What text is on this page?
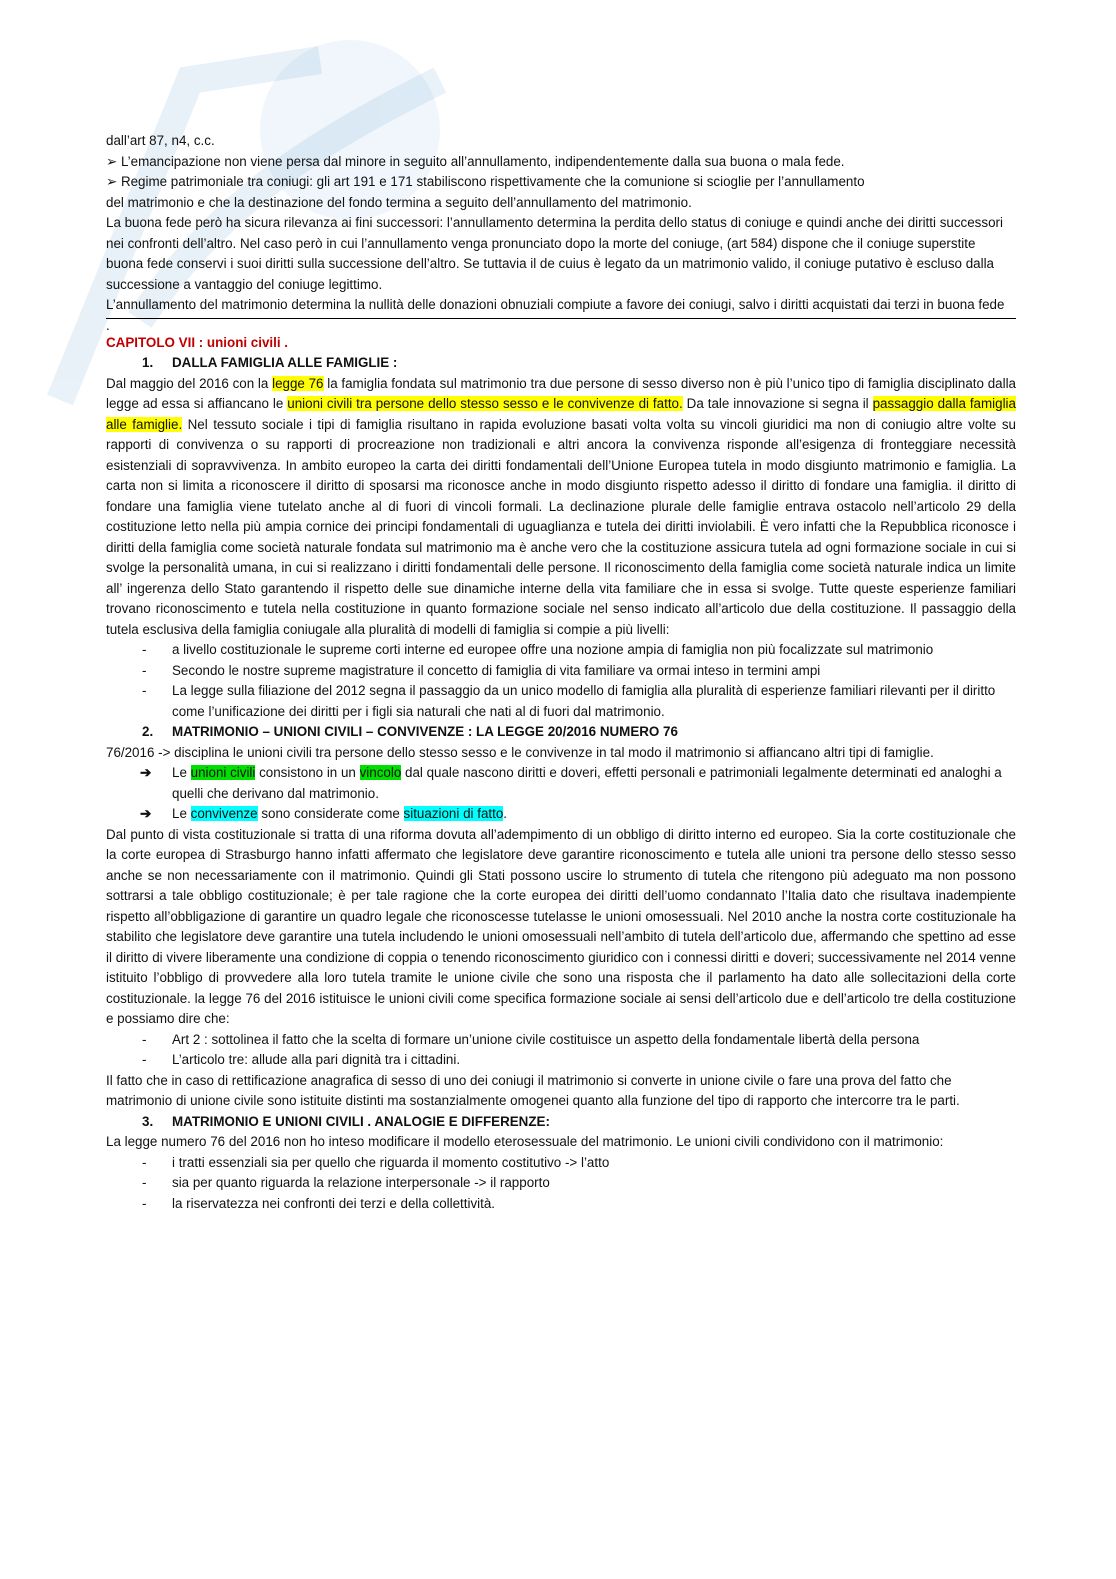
dall’art 87, n4, c.c.

➢ L’emancipazione non viene persa dal minore in seguito all’annullamento, indipendentemente dalla sua buona o mala fede.

➢ Regime patrimoniale tra coniugi: gli art 191 e 171 stabiliscono rispettivamente che la comunione si scioglie per l’annullamento del matrimonio e che la destinazione del fondo termina a seguito dell’annullamento del matrimonio.

La buona fede però ha sicura rilevanza ai fini successori: l’annullamento determina la perdita dello status di coniuge e quindi anche dei diritti successori nei confronti dell’altro. Nel caso però in cui l’annullamento venga pronunciato dopo la morte del coniuge, (art 584) dispone che il coniuge superstite buona fede conservi i suoi diritti sulla successione dell’altro. Se tuttavia il de cuius è legato da un matrimonio valido, il coniuge putativo è escluso dalla successione a vantaggio del coniuge legittimo.

L’annullamento del matrimonio determina la nullità delle donazioni obnuziali compiute a favore dei coniugi, salvo i diritti acquistati dai terzi in buona fede

.

CAPITOLO VII : unioni civili .

1. DALLA FAMIGLIA ALLE FAMIGLIE :

Dal maggio del 2016 con la legge 76 la famiglia fondata sul matrimonio tra due persone di sesso diverso non è più l’unico tipo di famiglia disciplinato dalla legge ad essa si affiancano le unioni civili tra persone dello stesso sesso e le convivenze di fatto. Da tale innovazione si segna il passaggio dalla famiglia alle famiglie. Nel tessuto sociale i tipi di famiglia risultano in rapida evoluzione basati volta volta su vincoli giuridici ma non di coniugio altre volte su rapporti di convivenza o su rapporti di procreazione non tradizionali e altri ancora la convivenza risponde all’esigenza di fronteggiare necessità esistenziali di sopravvivenza. In ambito europeo la carta dei diritti fondamentali dell’Unione Europea tutela in modo disgiunto matrimonio e famiglia. La carta non si limita a riconoscere il diritto di sposarsi ma riconosce anche in modo disgiunto rispetto adesso il diritto di fondare una famiglia. il diritto di fondare una famiglia viene tutelato anche al di fuori di vincoli formali. La declinazione plurale delle famiglie entrava ostacolo nell’articolo 29 della costituzione letto nella più ampia cornice dei principi fondamentali di uguaglianza e tutela dei diritti inviolabili. È vero infatti che la Repubblica riconosce i diritti della famiglia come società naturale fondata sul matrimonio ma è anche vero che la costituzione assicura tutela ad ogni formazione sociale in cui si svolge la personalità umana, in cui si realizzano i diritti fondamentali delle persone. Il riconoscimento della famiglia come società naturale indica un limite all’ ingerenza dello Stato garantendo il rispetto delle sue dinamiche interne della vita familiare che in essa si svolge. Tutte queste esperienze familiari trovano riconoscimento e tutela nella costituzione in quanto formazione sociale nel senso indicato all’articolo due della costituzione. Il passaggio della tutela esclusiva della famiglia coniugale alla pluralità di modelli di famiglia si compie a più livelli:

- a livello costituzionale le supreme corti interne ed europee offre una nozione ampia di famiglia non più focalizzate sul matrimonio

- Secondo le nostre supreme magistrature il concetto di famiglia di vita familiare va ormai inteso in termini ampi

- La legge sulla filiazione del 2012 segna il passaggio da un unico modello di famiglia alla pluralità di esperienze familiari rilevanti per il diritto come l’unificazione dei diritti per i figli sia naturali che nati al di fuori dal matrimonio.

2. MATRIMONIO – UNIONI CIVILI – CONVIVENZE : LA LEGGE 20/2016 NUMERO 76

76/2016 -> disciplina le unioni civili tra persone dello stesso sesso e le convivenze in tal modo il matrimonio si affiancano altri tipi di famiglie.

➔ Le unioni civili consistono in un vincolo dal quale nascono diritti e doveri, effetti personali e patrimoniali legalmente determinati ed analoghi a quelli che derivano dal matrimonio.

➔ Le convivenze sono considerate come situazioni di fatto.

Dal punto di vista costituzionale si tratta di una riforma dovuta all’adempimento di un obbligo di diritto interno ed europeo. Sia la corte costituzionale che la corte europea di Strasburgo hanno infatti affermato che legislatore deve garantire riconoscimento e tutela alle unioni tra persone dello stesso sesso anche se non necessariamente con il matrimonio. Quindi gli Stati possono uscire lo strumento di tutela che ritengono più adeguato ma non possono sottrarsi a tale obbligo costituzionale; è per tale ragione che la corte europea dei diritti dell’uomo condannato l’Italia dato che risultava inadempiente rispetto all’obbligazione di garantire un quadro legale che riconoscesse tutelasse le unioni omosessuali. Nel 2010 anche la nostra corte costituzionale ha stabilito che legislatore deve garantire una tutela includendo le unioni omosessuali nell’ambito di tutela dell’articolo due, affermando che spettino ad esse il diritto di vivere liberamente una condizione di coppia o tenendo riconoscimento giuridico con i connessi diritti e doveri; successivamente nel 2014 venne istituito l’obbligo di provvedere alla loro tutela tramite le unione civile che sono una risposta che il parlamento ha dato alle sollecitazioni della corte costituzionale. la legge 76 del 2016 istituisce le unioni civili come specifica formazione sociale ai sensi dell’articolo due e dell’articolo tre della costituzione e possiamo dire che:

- Art 2 : sottolinea il fatto che la scelta di formare un’unione civile costituisce un aspetto della fondamentale libertà della persona

- L’articolo tre: allude alla pari dignità tra i cittadini.

Il fatto che in caso di rettificazione anagrafica di sesso di uno dei coniugi il matrimonio si converte in unione civile o fare una prova del fatto che matrimonio di unione civile sono istituite distinti ma sostanzialmente omogenei quanto alla funzione del tipo di rapporto che intercorre tra le parti.

3. MATRIMONIO E UNIONI CIVILI . ANALOGIE E DIFFERENZE:

La legge numero 76 del 2016 non ho inteso modificare il modello eterosessuale del matrimonio. Le unioni civili condividono con il matrimonio:

- i tratti essenziali sia per quello che riguarda il momento costitutivo -> l’atto

- sia per quanto riguarda la relazione interpersonale -> il rapporto

- la riservatezza nei confronti dei terzi e della collettività.
